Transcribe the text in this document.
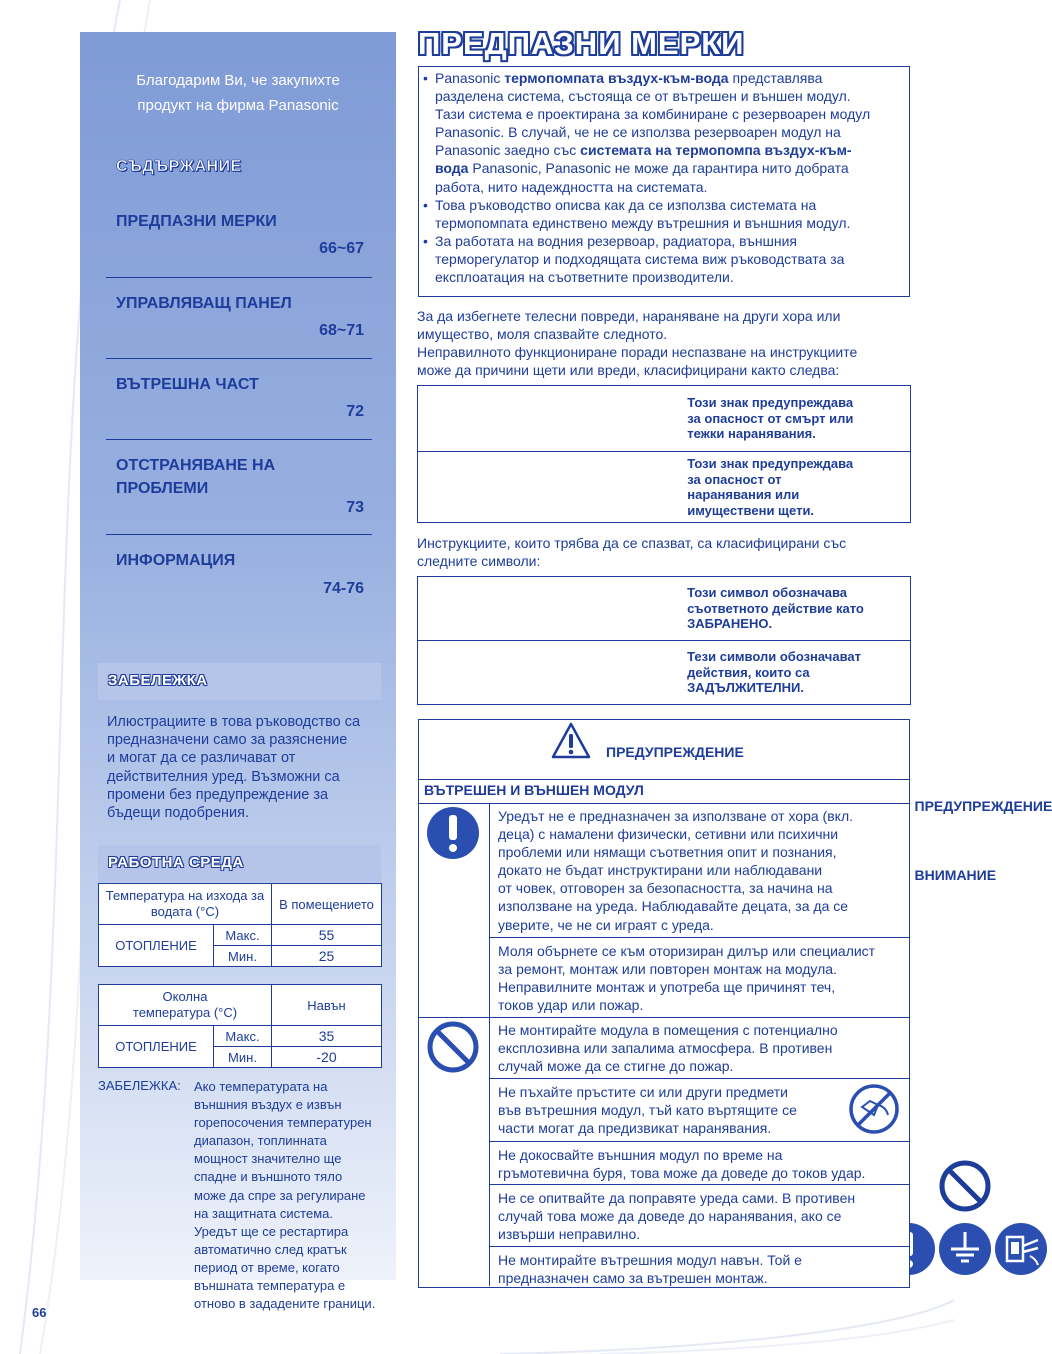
Благодарим Ви, че закупихте
продукт на фирма Panasonic
СЪДЪРЖАНИЕ
ПРЕДПАЗНИ МЕРКИ
66~67
УПРАВЛЯВАЩ ПАНЕЛ
68~71
ВЪТРЕШНА ЧАСТ
72
ОТСТРАНЯВАНЕ НА
ПРОБЛЕМИ
73
ИНФОРМАЦИЯ
74-76
ЗАБЕЛЕЖКА
Илюстрациите в това ръководство са
предназначени само за разяснение
и могат да се различават от
действителния уред. Възможни са
промени без предупреждение за
бъдещи подобрения.
РАБОТНА СРЕДА
Температура на изхода за
водата (°C)		В помещението
ОТОПЛЕНИЕ	Макс.	55
	Мин.	25
Околна
температура (°C)		Навън
ОТОПЛЕНИЕ	Макс.	35
	Мин.	-20
ЗАБЕЛЕЖКА: Ако температурата на
външния въздух е извън
горепосочения температурен
диапазон, топлинната
мощност значително ще
спадне и външното тяло
може да спре за регулиране
на защитната система.
Уредът ще се рестартира
автоматично след кратък
период от време, когато
външната температура е
отново в зададените граници.
66
ПРЕДПАЗНИ МЕРКИ
• Panasonic термопомпата въздух-към-вода представлява
разделена система, състояща се от вътрешен и външен модул.
Тази система е проектирана за комбиниране с резервоарен модул
Panasonic. В случай, че не се използва резервоарен модул на
Panasonic заедно със системата на термопомпа въздух-към-
вода Panasonic, Panasonic не може да гарантира нито добрата
работа, нито надеждността на системата.
• Това ръководство описва как да се използва системата на
термопомпата единствено между вътрешния и външния модул.
• За работата на водния резервоар, радиатора, външния
терморегулатор и подходящата система виж ръководствата за
експлоатация на съответните производители.
За да избегнете телесни повреди, нараняване на други хора или
имущество, моля спазвайте следното.
Неправилното функциониране поради неспазване на инструкциите
може да причини щети или вреди, класифицирани както следва:
ПРЕДУПРЕЖДЕНИЕ	Този знак предупреждава
за опасност от смърт или
тежки наранявания.

ВНИМАНИЕ	Този знак предупреждава
за опасност от
наранявания или
имуществени щети.
Инструкциите, които трябва да се спазват, са класифицирани със
следните символи:

Този символ обозначава
съответното действие като
ЗАБРАНЕНО.

Тези символи обозначават
действия, които са
ЗАДЪЛЖИТЕЛНИ.
ПРЕДУПРЕЖДЕНИЕ
ВЪТРЕШЕН И ВЪНШЕН МОДУЛ
Уредът не е предназначен за използване от хора (вкл.
деца) с намалени физически, сетивни или психични
проблеми или нямащи съответния опит и познания,
докато не бъдат инструктирани или наблюдавани
от човек, отговорен за безопасността, за начина на
използване на уреда. Наблюдавайте децата, за да се
уверите, че не си играят с уреда.
Моля обърнете се към оторизиран дилър или специалист
за ремонт, монтаж или повторен монтаж на модула.
Неправилните монтаж и употреба ще причинят теч,
токов удар или пожар.
Не монтирайте модула в помещения с потенциално
експлозивна или запалима атмосфера. В противен
случай може да се стигне до пожар.
Не пъхайте пръстите си или други предмети
във вътрешния модул, тъй като въртящите се
части могат да предизвикат наранявания.
Не докосвайте външния модул по време на
гръмотевична буря, това може да доведе до токов удар.
Не се опитвайте да поправяте уреда сами. В противен
случай това може да доведе до наранявания, ако се
извърши неправилно.
Не монтирайте вътрешния модул навън. Той е
предназначен само за вътрешен монтаж.
